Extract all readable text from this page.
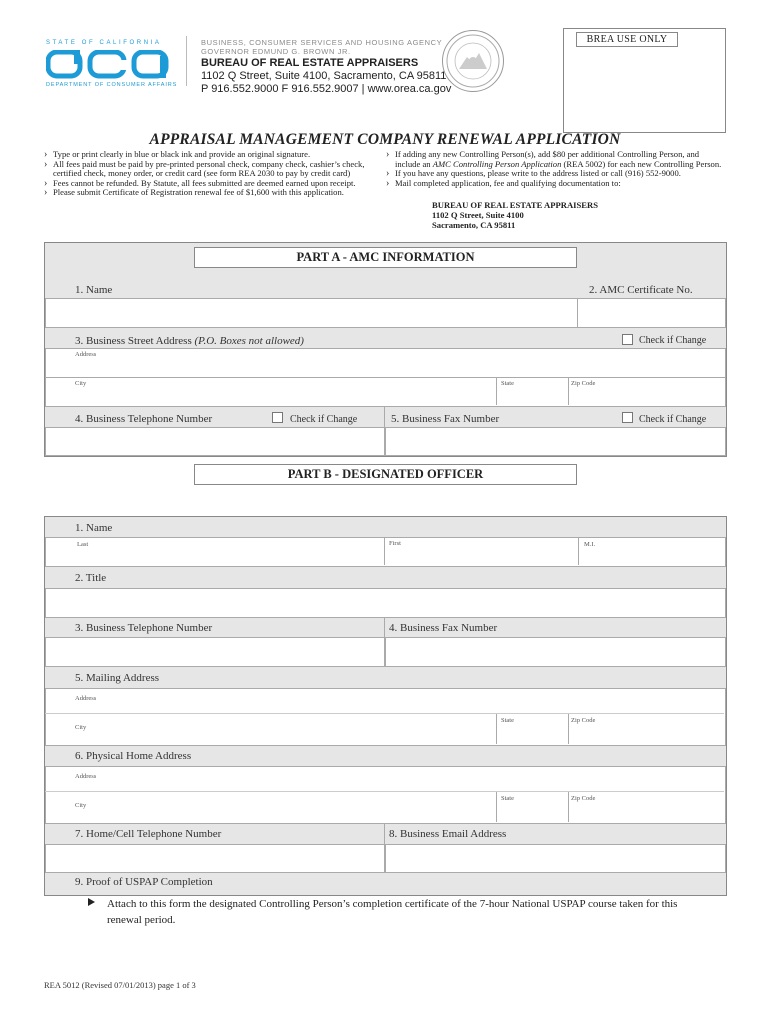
STATE OF CALIFORNIA
DEPARTMENT OF CONSUMER AFFAIRS
BUSINESS, CONSUMER SERVICES AND HOUSING AGENCY
GOVERNOR EDMUND G. BROWN JR.
BUREAU OF REAL ESTATE APPRAISERS
1102 Q Street, Suite 4100, Sacramento, CA 95811
P 916.552.9000 F 916.552.9007 | www.orea.ca.gov
BREA USE ONLY
APPRAISAL MANAGEMENT COMPANY RENEWAL APPLICATION
› Type or print clearly in blue or black ink and provide an original signature.
› All fees paid must be paid by pre-printed personal check, company check, cashier’s check, certified check, money order, or credit card (see form REA 2030 to pay by credit card)
› Fees cannot be refunded. By Statute, all fees submitted are deemed earned upon receipt.
› Please submit Certificate of Registration renewal fee of $1,600 with this application.
› If adding any new Controlling Person(s), add $80 per additional Controlling Person, and include an AMC Controlling Person Application (REA 5002) for each new Controlling Person.
› If you have any questions, please write to the address listed or call (916) 552-9000.
› Mail completed application, fee and qualifying documentation to:
BUREAU OF REAL ESTATE APPRAISERS
1102 Q Street, Suite 4100
Sacramento, CA 95811
PART A - AMC INFORMATION
1. Name	2. AMC Certificate No.
3. Business Street Address (P.O. Boxes not allowed)	Check if Change
Address
City	State	Zip Code
4. Business Telephone Number	Check if Change	5. Business Fax Number	Check if Change
PART B - DESIGNATED OFFICER
1. Name
Last	First	M.I.
2. Title
3. Business Telephone Number	4. Business Fax Number
5. Mailing Address
Address
City
State	Zip Code
6. Physical Home Address
Address
City
State	Zip Code
7. Home/Cell Telephone Number	8. Business Email Address
9. Proof of USPAP Completion
Attach to this form the designated Controlling Person’s completion certificate of the 7-hour National USPAP course taken for this renewal period.
REA 5012 (Revised 07/01/2013) page 1 of 3
